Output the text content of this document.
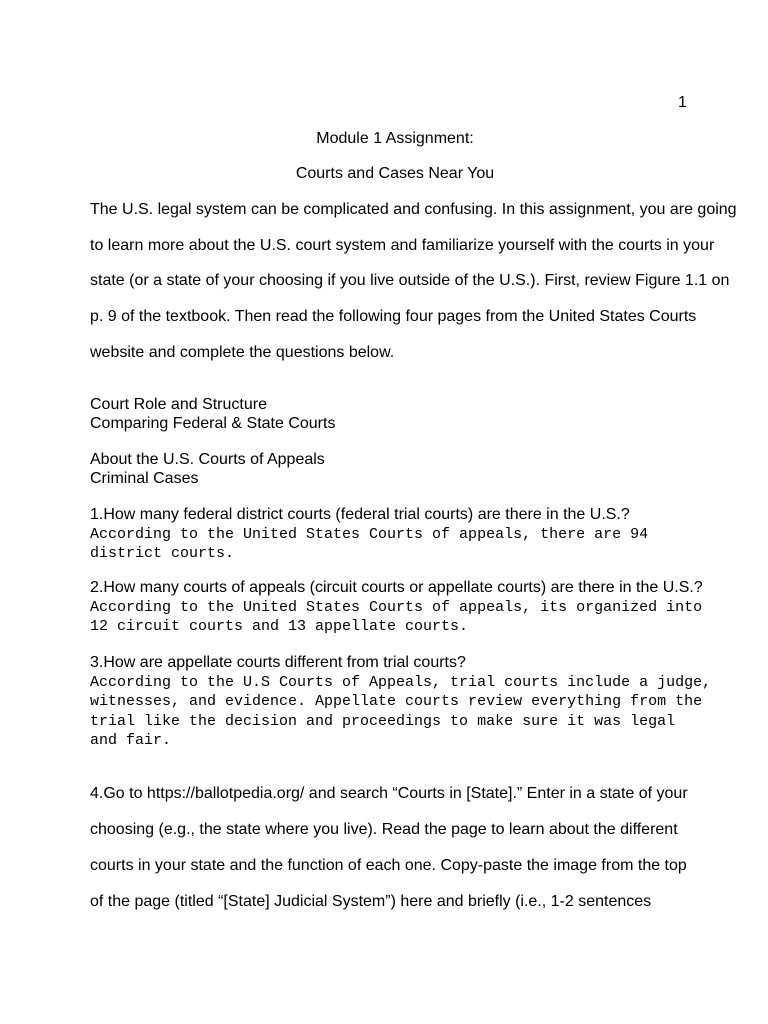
1
Module 1 Assignment:
Courts and Cases Near You
The U.S. legal system can be complicated and confusing. In this assignment, you are going
to learn more about the U.S. court system and familiarize yourself with the courts in your
state (or a state of your choosing if you live outside of the U.S.). First, review Figure 1.1 on
p. 9 of the textbook. Then read the following four pages from the United States Courts
website and complete the questions below.
Court Role and Structure
Comparing Federal & State Courts
About the U.S. Courts of Appeals
Criminal Cases
1.How many federal district courts (federal trial courts) are there in the U.S.?
According to the United States Courts of appeals, there are 94
district courts.
2.How many courts of appeals (circuit courts or appellate courts) are there in the U.S.?
According to the United States Courts of appeals, its organized into
12 circuit courts and 13 appellate courts.
3.How are appellate courts different from trial courts?
According to the U.S Courts of Appeals, trial courts include a judge,
witnesses, and evidence. Appellate courts review everything from the
trial like the decision and proceedings to make sure it was legal
and fair.
4.Go to https://ballotpedia.org/ and search “Courts in [State].” Enter in a state of your
choosing (e.g., the state where you live). Read the page to learn about the different
courts in your state and the function of each one. Copy-paste the image from the top
of the page (titled “[State] Judicial System”) here and briefly (i.e., 1-2 sentences
